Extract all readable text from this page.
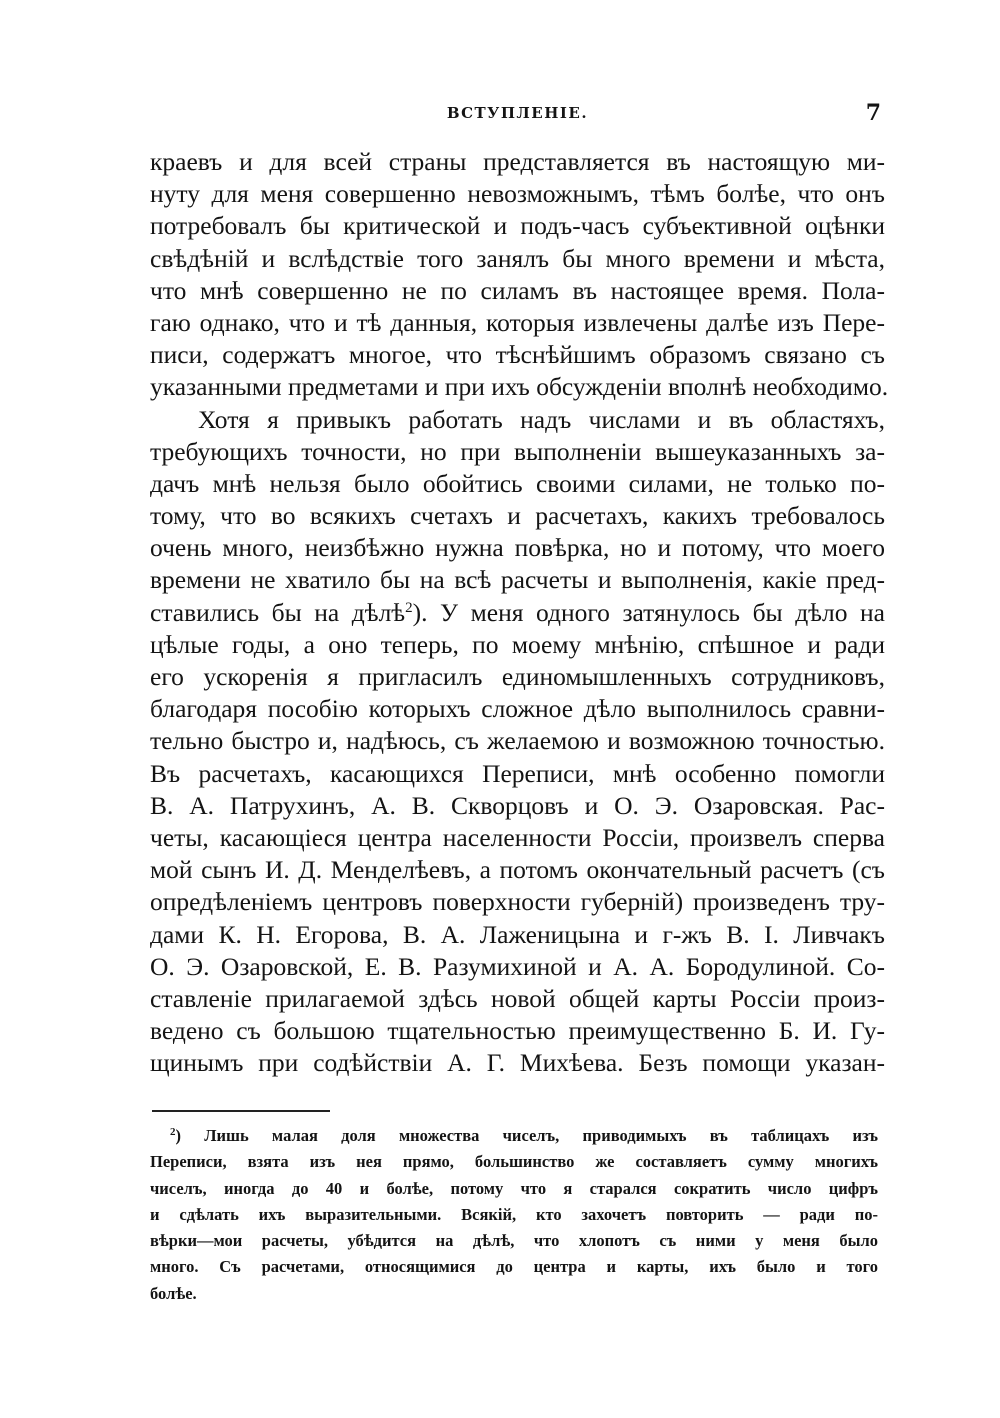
ВСТУПЛЕНІЕ.	7
краевъ и для всей страны представляется въ настоящую ми-
нуту для меня совершенно невозможнымъ, тѣмъ болѣе, что онъ
потребовалъ бы критической и подъ-часъ субъективной оцѣнки
свѣдѣній и вслѣдствіе того занялъ бы много времени и мѣста,
что мнѣ совершенно не по силамъ въ настоящее время. Пола-
гаю однако, что и тѣ данныя, которыя извлечены далѣе изъ Пере-
писи, содержатъ многое, что тѣснѣйшимъ образомъ связано съ
указанными предметами и при ихъ обсужденіи вполнѣ необходимо.
Хотя я привыкъ работать надъ числами и въ областяхъ,
требующихъ точности, но при выполненіи вышеуказанныхъ за-
дачъ мнѣ нельзя было обойтись своими силами, не только по-
тому, что во всякихъ счетахъ и расчетахъ, какихъ требовалось
очень много, неизбѣжно нужна повѣрка, но и потому, что моего
времени не хватило бы на всѣ расчеты и выполненія, какіе пред-
ставились бы на дѣлѣ$^2$). У меня одного затянулось бы дѣло на
цѣлые годы, а оно теперь, по моему мнѣнію, спѣшное и ради
его ускоренія я пригласилъ единомышленныхъ сотрудниковъ,
благодаря пособію которыхъ сложное дѣло выполнилось сравни-
тельно быстро и, надѣюсь, съ желаемою и возможною точностью.
Въ расчетахъ, касающихся Переписи, мнѣ особенно помогли
В. А. Патрухинъ, А. В. Скворцовъ и О. Э. Озаровская. Рас-
четы, касающіеся центра населенности Россіи, произвелъ сперва
мой сынъ И. Д. Менделѣевъ, а потомъ окончательный расчетъ (съ
опредѣленіемъ центровъ поверхности губерній) произведенъ тру-
дами К. Н. Егорова, В. А. Лаженицына и г-жъ В. І. Ливчакъ
О. Э. Озаровской, Е. В. Разумихиной и А. А. Бородулиной. Со-
ставленіе прилагаемой здѣсь новой общей карты Россіи произ-
ведено съ большою тщательностью преимущественно Б. И. Гу-
щинымъ при содѣйствіи А. Г. Михѣева. Безъ помощи указан-
$^2$) Лишь малая доля множества чиселъ, приводимыхъ въ таблицахъ изъ
Переписи, взята изъ нея прямо, большинство же составляетъ сумму многихъ
чиселъ, иногда до 40 и болѣе, потому что я старался сократить число цифръ
и сдѣлать ихъ выразительными. Всякій, кто захочетъ повторить — ради по-
вѣрки—мои расчеты, убѣдится на дѣлѣ, что хлопотъ съ ними у меня было
много. Съ расчетами, относящимися до центра и карты, ихъ было и того
болѣе.
